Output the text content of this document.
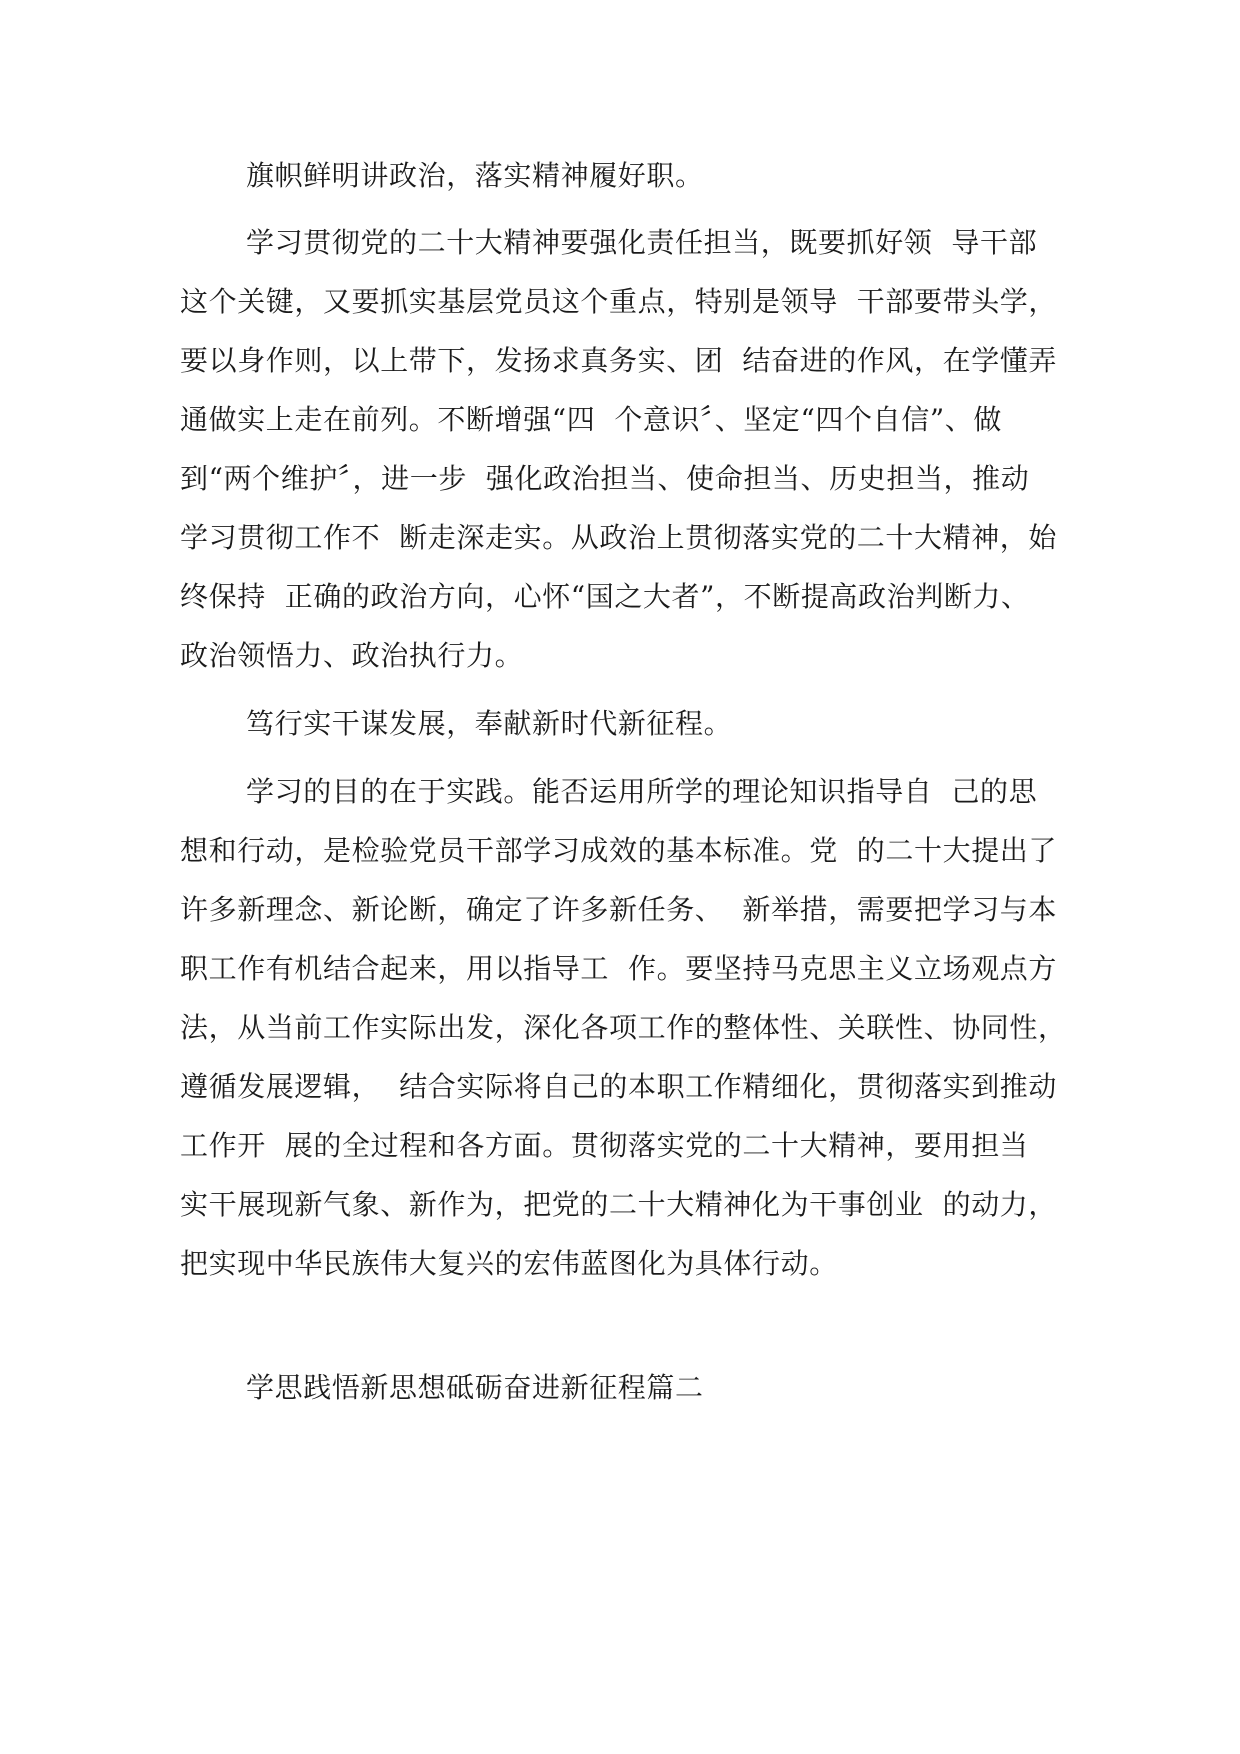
旗帜鲜明讲政治，落实精神履好职。
学习贯彻党的二十大精神要强化责任担当，既要抓好领  导干部
这个关键，又要抓实基层党员这个重点，特别是领导  干部要带头学，
要以身作则，以上带下，发扬求真务实、团  结奋进的作风，在学懂弄
通做实上走在前列。不断增强“四  个意识〞、坚定“四个自信”、做
到“两个维护〞，进一步  强化政治担当、使命担当、历史担当，推动
学习贯彻工作不  断走深走实。从政治上贯彻落实党的二十大精神，始
终保持  正确的政治方向，心怀“国之大者”，不断提高政治判断力、
政治领悟力、政治执行力。
笃行实干谋发展，奉献新时代新征程。
学习的目的在于实践。能否运用所学的理论知识指导自  己的思
想和行动，是检验党员干部学习成效的基本标准。党  的二十大提出了
许多新理念、新论断，确定了许多新任务、  新举措，需要把学习与本
职工作有机结合起来，用以指导工  作。要坚持马克思主义立场观点方
法，从当前工作实际出发，深化各项工作的整体性、关联性、协同性，
遵循发展逻辑，  结合实际将自己的本职工作精细化，贯彻落实到推动
工作开  展的全过程和各方面。贯彻落实党的二十大精神，要用担当
实干展现新气象、新作为，把党的二十大精神化为干事创业  的动力，
把实现中华民族伟大复兴的宏伟蓝图化为具体行动。
学思践悟新思想砥砺奋进新征程篇二
